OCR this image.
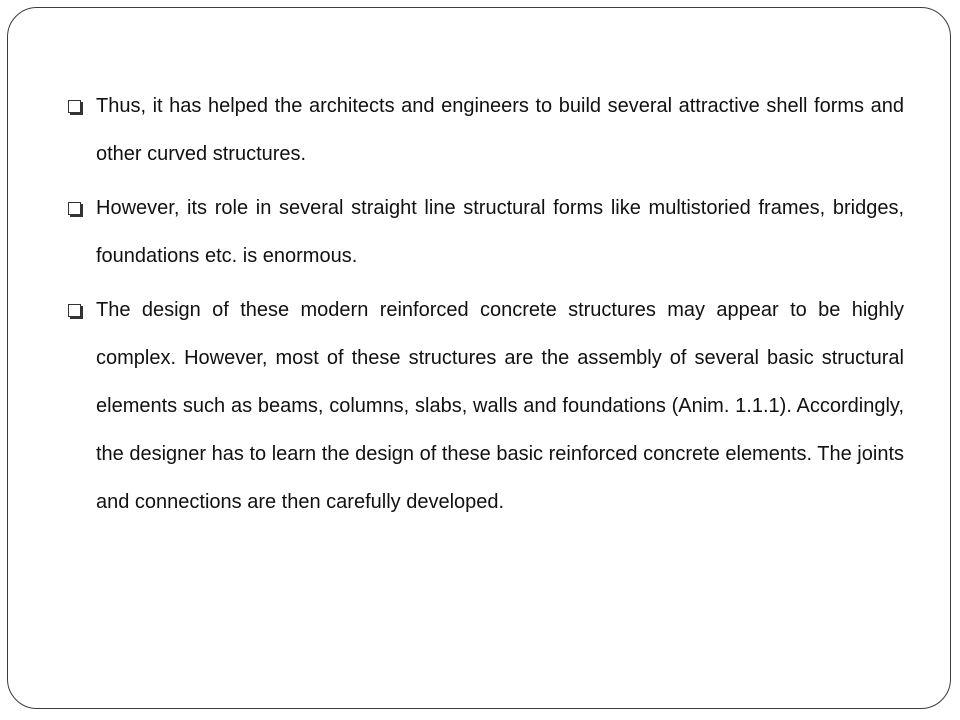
Thus, it has helped the architects and engineers to build several attractive shell forms and other curved structures.

However, its role in several straight line structural forms like multistoried frames, bridges, foundations etc. is enormous.

The design of these modern reinforced concrete structures may appear to be highly complex. However, most of these structures are the assembly of several basic structural elements such as beams, columns, slabs, walls and foundations (Anim. 1.1.1). Accordingly, the designer has to learn the design of these basic reinforced concrete elements. The joints and connections are then carefully developed.
